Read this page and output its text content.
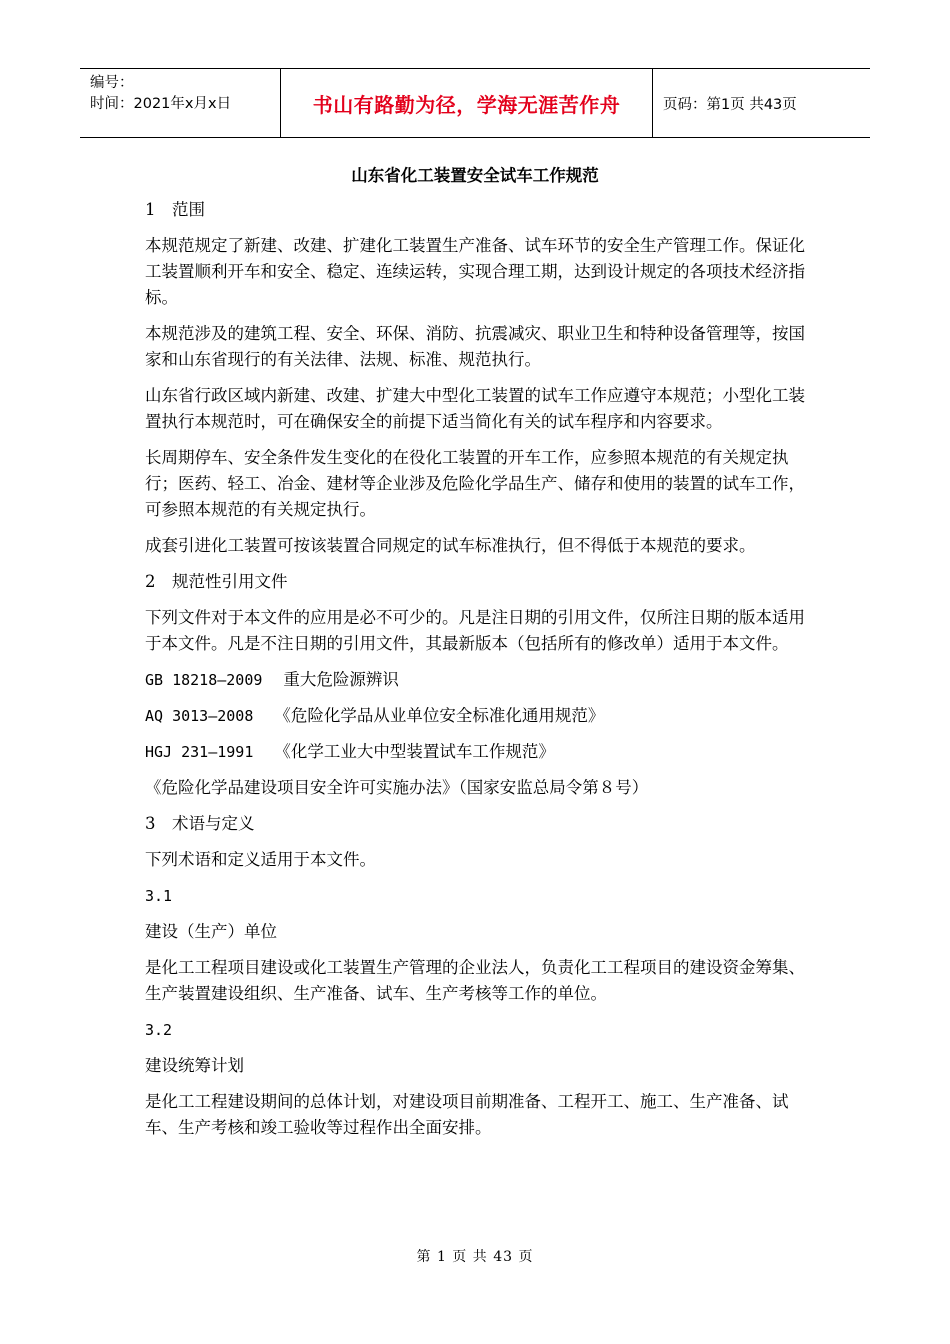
编号：
时间：2021年x月x日	书山有路勤为径，学海无涯苦作舟	页码：第1页 共43页
山东省化工装置安全试车工作规范

1　范围

本规范规定了新建、改建、扩建化工装置生产准备、试车环节的安全生产管理工作。保证化工装置顺利开车和安全、稳定、连续运转，实现合理工期，达到设计规定的各项技术经济指标。

本规范涉及的建筑工程、安全、环保、消防、抗震减灾、职业卫生和特种设备管理等，按国家和山东省现行的有关法律、法规、标准、规范执行。

山东省行政区域内新建、改建、扩建大中型化工装置的试车工作应遵守本规范；小型化工装置执行本规范时，可在确保安全的前提下适当简化有关的试车程序和内容要求。

长周期停车、安全条件发生变化的在役化工装置的开车工作，应参照本规范的有关规定执行；医药、轻工、冶金、建材等企业涉及危险化学品生产、储存和使用的装置的试车工作，可参照本规范的有关规定执行。

成套引进化工装置可按该装置合同规定的试车标准执行，但不得低于本规范的要求。

2　规范性引用文件

下列文件对于本文件的应用是必不可少的。凡是注日期的引用文件，仅所注日期的版本适用于本文件。凡是不注日期的引用文件，其最新版本（包括所有的修改单）适用于本文件。

GB 18218—2009 重大危险源辨识

AQ 3013—2008 《危险化学品从业单位安全标准化通用规范》

HGJ 231—1991 《化学工业大中型装置试车工作规范》

《危险化学品建设项目安全许可实施办法》（国家安监总局令第８号）

3　术语与定义

下列术语和定义适用于本文件。

3.1

建设（生产）单位

是化工工程项目建设或化工装置生产管理的企业法人，负责化工工程项目的建设资金筹集、生产装置建设组织、生产准备、试车、生产考核等工作的单位。

3.2

建设统筹计划

是化工工程建设期间的总体计划，对建设项目前期准备、工程开工、施工、生产准备、试车、生产考核和竣工验收等过程作出全面安排。

第 1 页 共 43 页
